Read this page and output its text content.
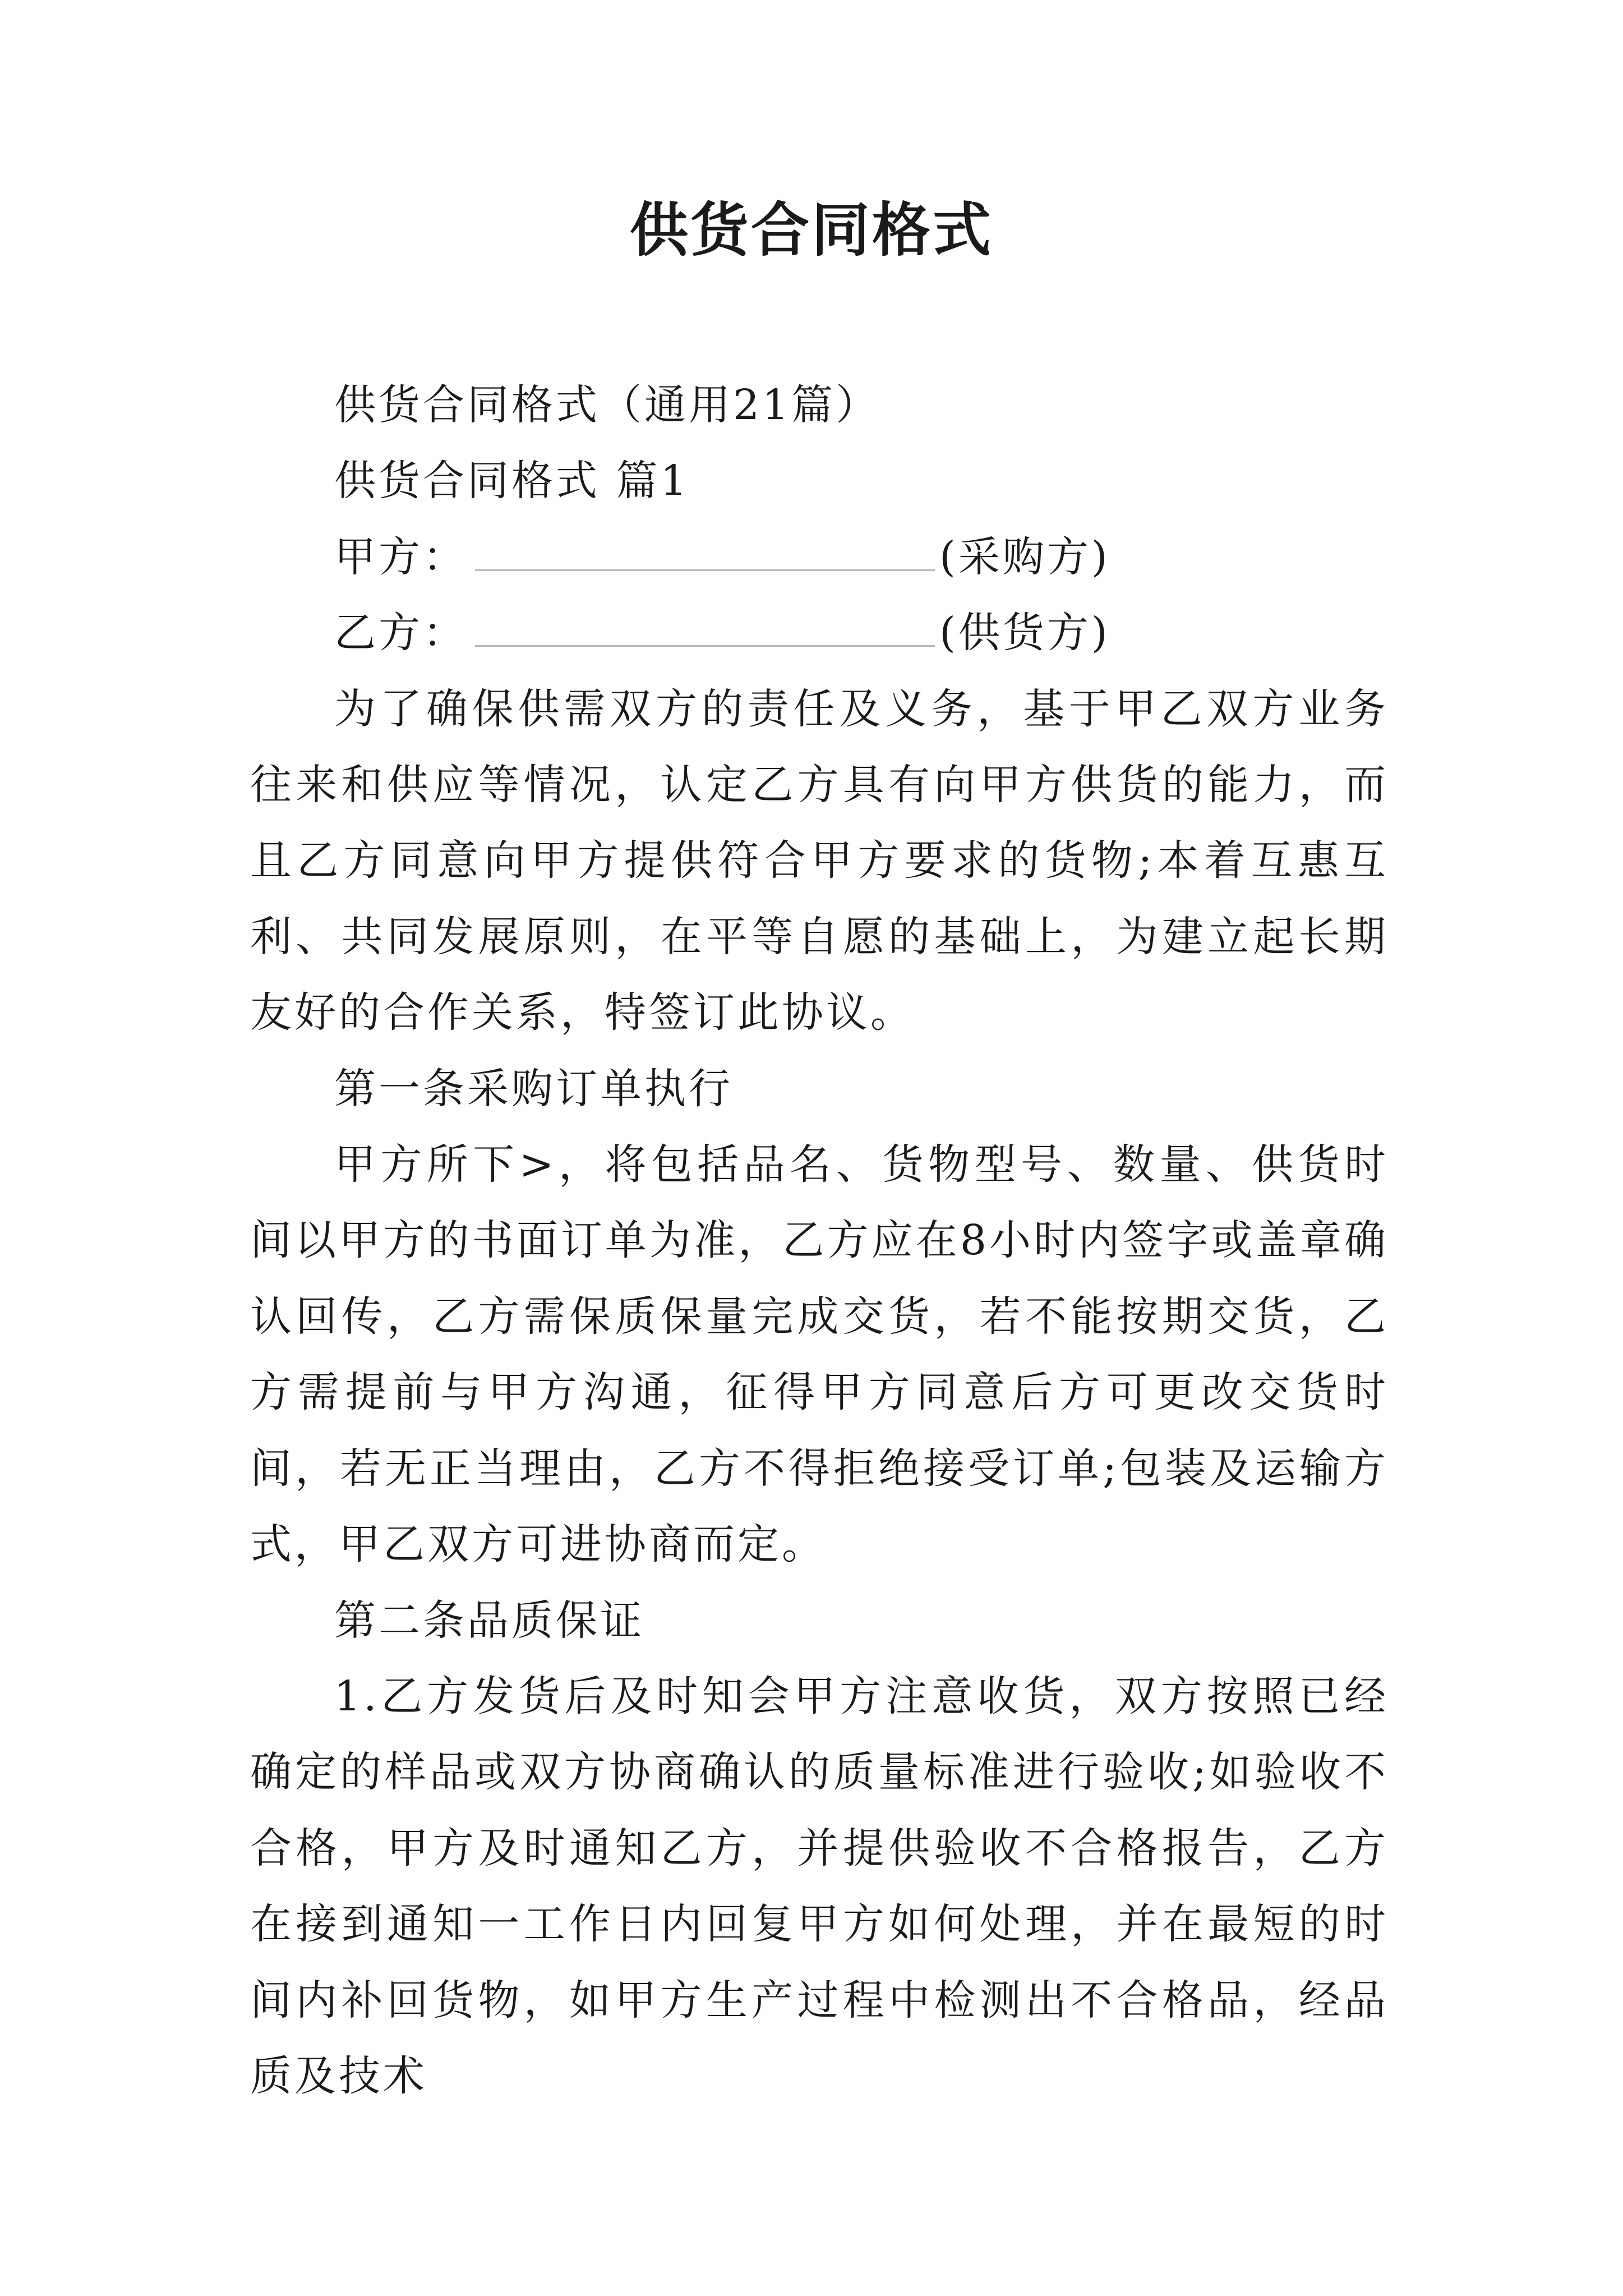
供货合同格式

供货合同格式（通用21篇）

供货合同格式 篇1

甲方：	(采购方)

乙方：	(供货方)

为了确保供需双方的责任及义务，基于甲乙双方业务往来和供应等情况，认定乙方具有向甲方供货的能力，而且乙方同意向甲方提供符合甲方要求的货物;本着互惠互利、共同发展原则，在平等自愿的基础上，为建立起长期友好的合作关系，特签订此协议。

第一条采购订单执行

甲方所下>，将包括品名、货物型号、数量、供货时间以甲方的书面订单为准，乙方应在8小时内签字或盖章确认回传，乙方需保质保量完成交货，若不能按期交货，乙方需提前与甲方沟通，征得甲方同意后方可更改交货时间，若无正当理由，乙方不得拒绝接受订单;包装及运输方式，甲乙双方可进协商而定。

第二条品质保证

1.乙方发货后及时知会甲方注意收货，双方按照已经确定的样品或双方协商确认的质量标准进行验收;如验收不合格，甲方及时通知乙方，并提供验收不合格报告，乙方在接到通知一工作日内回复甲方如何处理，并在最短的时间内补回货物，如甲方生产过程中检测出不合格品，经品质及技术
